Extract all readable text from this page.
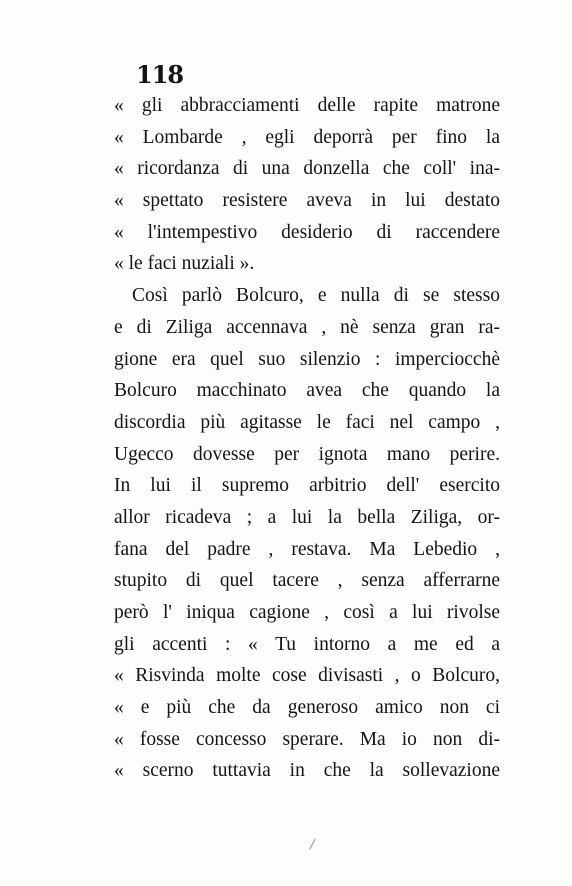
118
« gli abbracciamenti delle rapite matrone
« Lombarde , egli deporrà per fino la
« ricordanza di una donzella che coll' ina-
« spettato resistere aveva in lui destato
« l'intempestivo desiderio di raccendere
« le faci nuziali ».
Così parlò Bolcuro, e nulla di se stesso
e di Ziliga accennava , nè senza gran ra-
gione era quel suo silenzio : imperciocchè
Bolcuro macchinato avea che quando la
discordia più agitasse le faci nel campo ,
Ugecco dovesse per ignota mano perire.
In lui il supremo arbitrio dell' esercito
allor ricadeva ; a lui la bella Ziliga, or-
fana del padre , restava. Ma Lebedio ,
stupito di quel tacere , senza afferrarne
però l' iniqua cagione , così a lui rivolse
gli accenti : « Tu intorno a me ed a
« Risvinda molte cose divisasti , o Bolcuro,
« e più che da generoso amico non ci
« fosse concesso sperare. Ma io non di-
« scerno tuttavia in che la sollevazione
